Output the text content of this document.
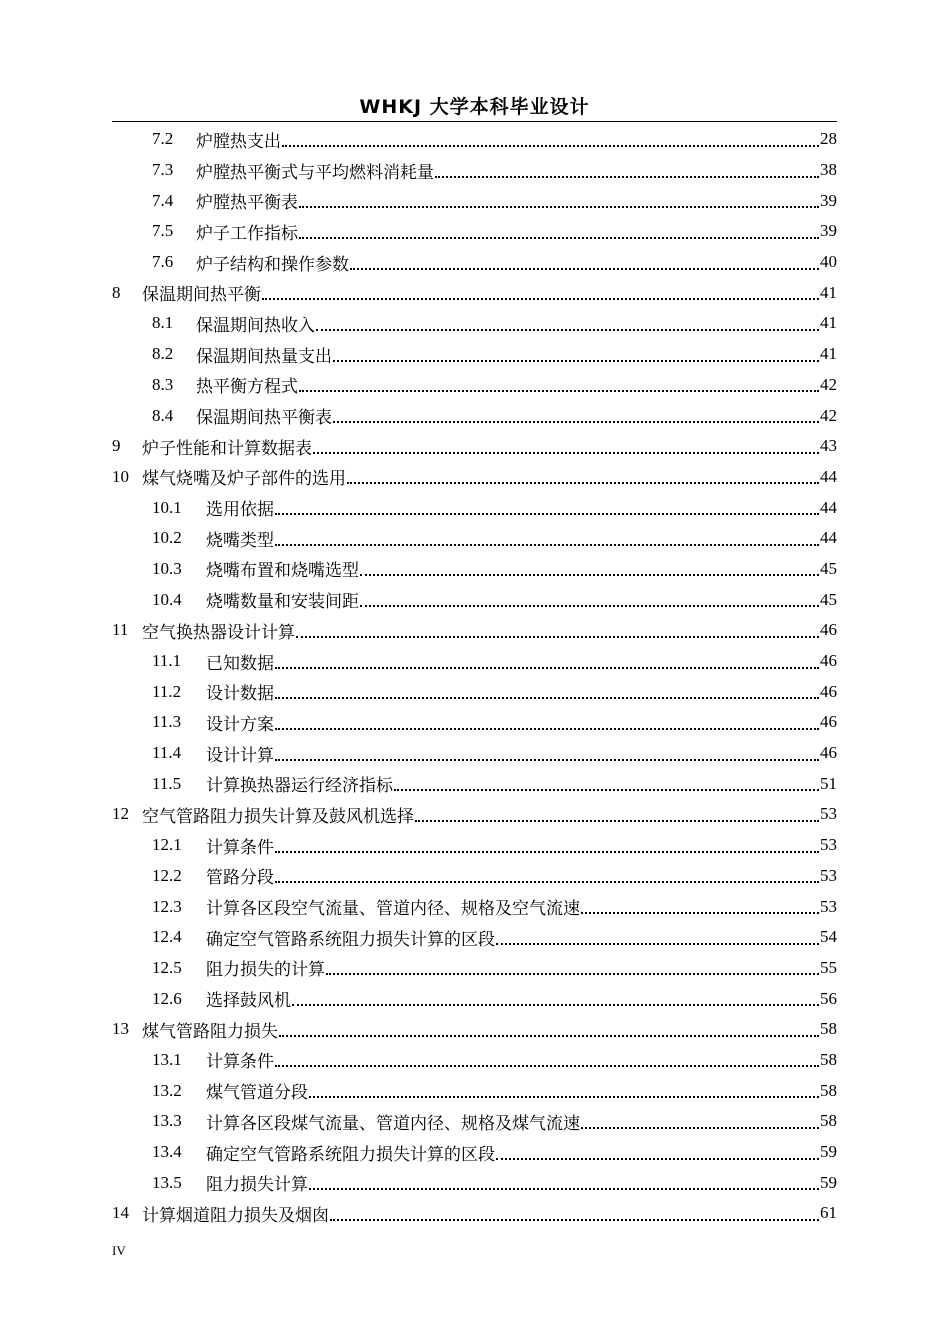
WHKJ 大学本科毕业设计
7.2	炉膛热支出	28
7.3	炉膛热平衡式与平均燃料消耗量	38
7.4	炉膛热平衡表	39
7.5	炉子工作指标	39
7.6	炉子结构和操作参数	40
8	保温期间热平衡	41
8.1	保温期间热收入	41
8.2	保温期间热量支出	41
8.3	热平衡方程式	42
8.4	保温期间热平衡表	42
9	炉子性能和计算数据表	43
10 煤气烧嘴及炉子部件的选用	44
10.1	选用依据	44
10.2	烧嘴类型	44
10.3	烧嘴布置和烧嘴选型	45
10.4	烧嘴数量和安装间距	45
11 空气换热器设计计算	46
11.1	已知数据	46
11.2	设计数据	46
11.3	设计方案	46
11.4	设计计算	46
11.5	计算换热器运行经济指标	51
12 空气管路阻力损失计算及鼓风机选择	53
12.1	计算条件	53
12.2	管路分段	53
12.3	计算各区段空气流量、管道内径、规格及空气流速	53
12.4	确定空气管路系统阻力损失计算的区段	54
12.5	阻力损失的计算	55
12.6	选择鼓风机	56
13 煤气管路阻力损失	58
13.1	计算条件	58
13.2	煤气管道分段	58
13.3	计算各区段煤气流量、管道内径、规格及煤气流速	58
13.4	确定空气管路系统阻力损失计算的区段	59
13.5	阻力损失计算	59
14 计算烟道阻力损失及烟囱	61
IV
